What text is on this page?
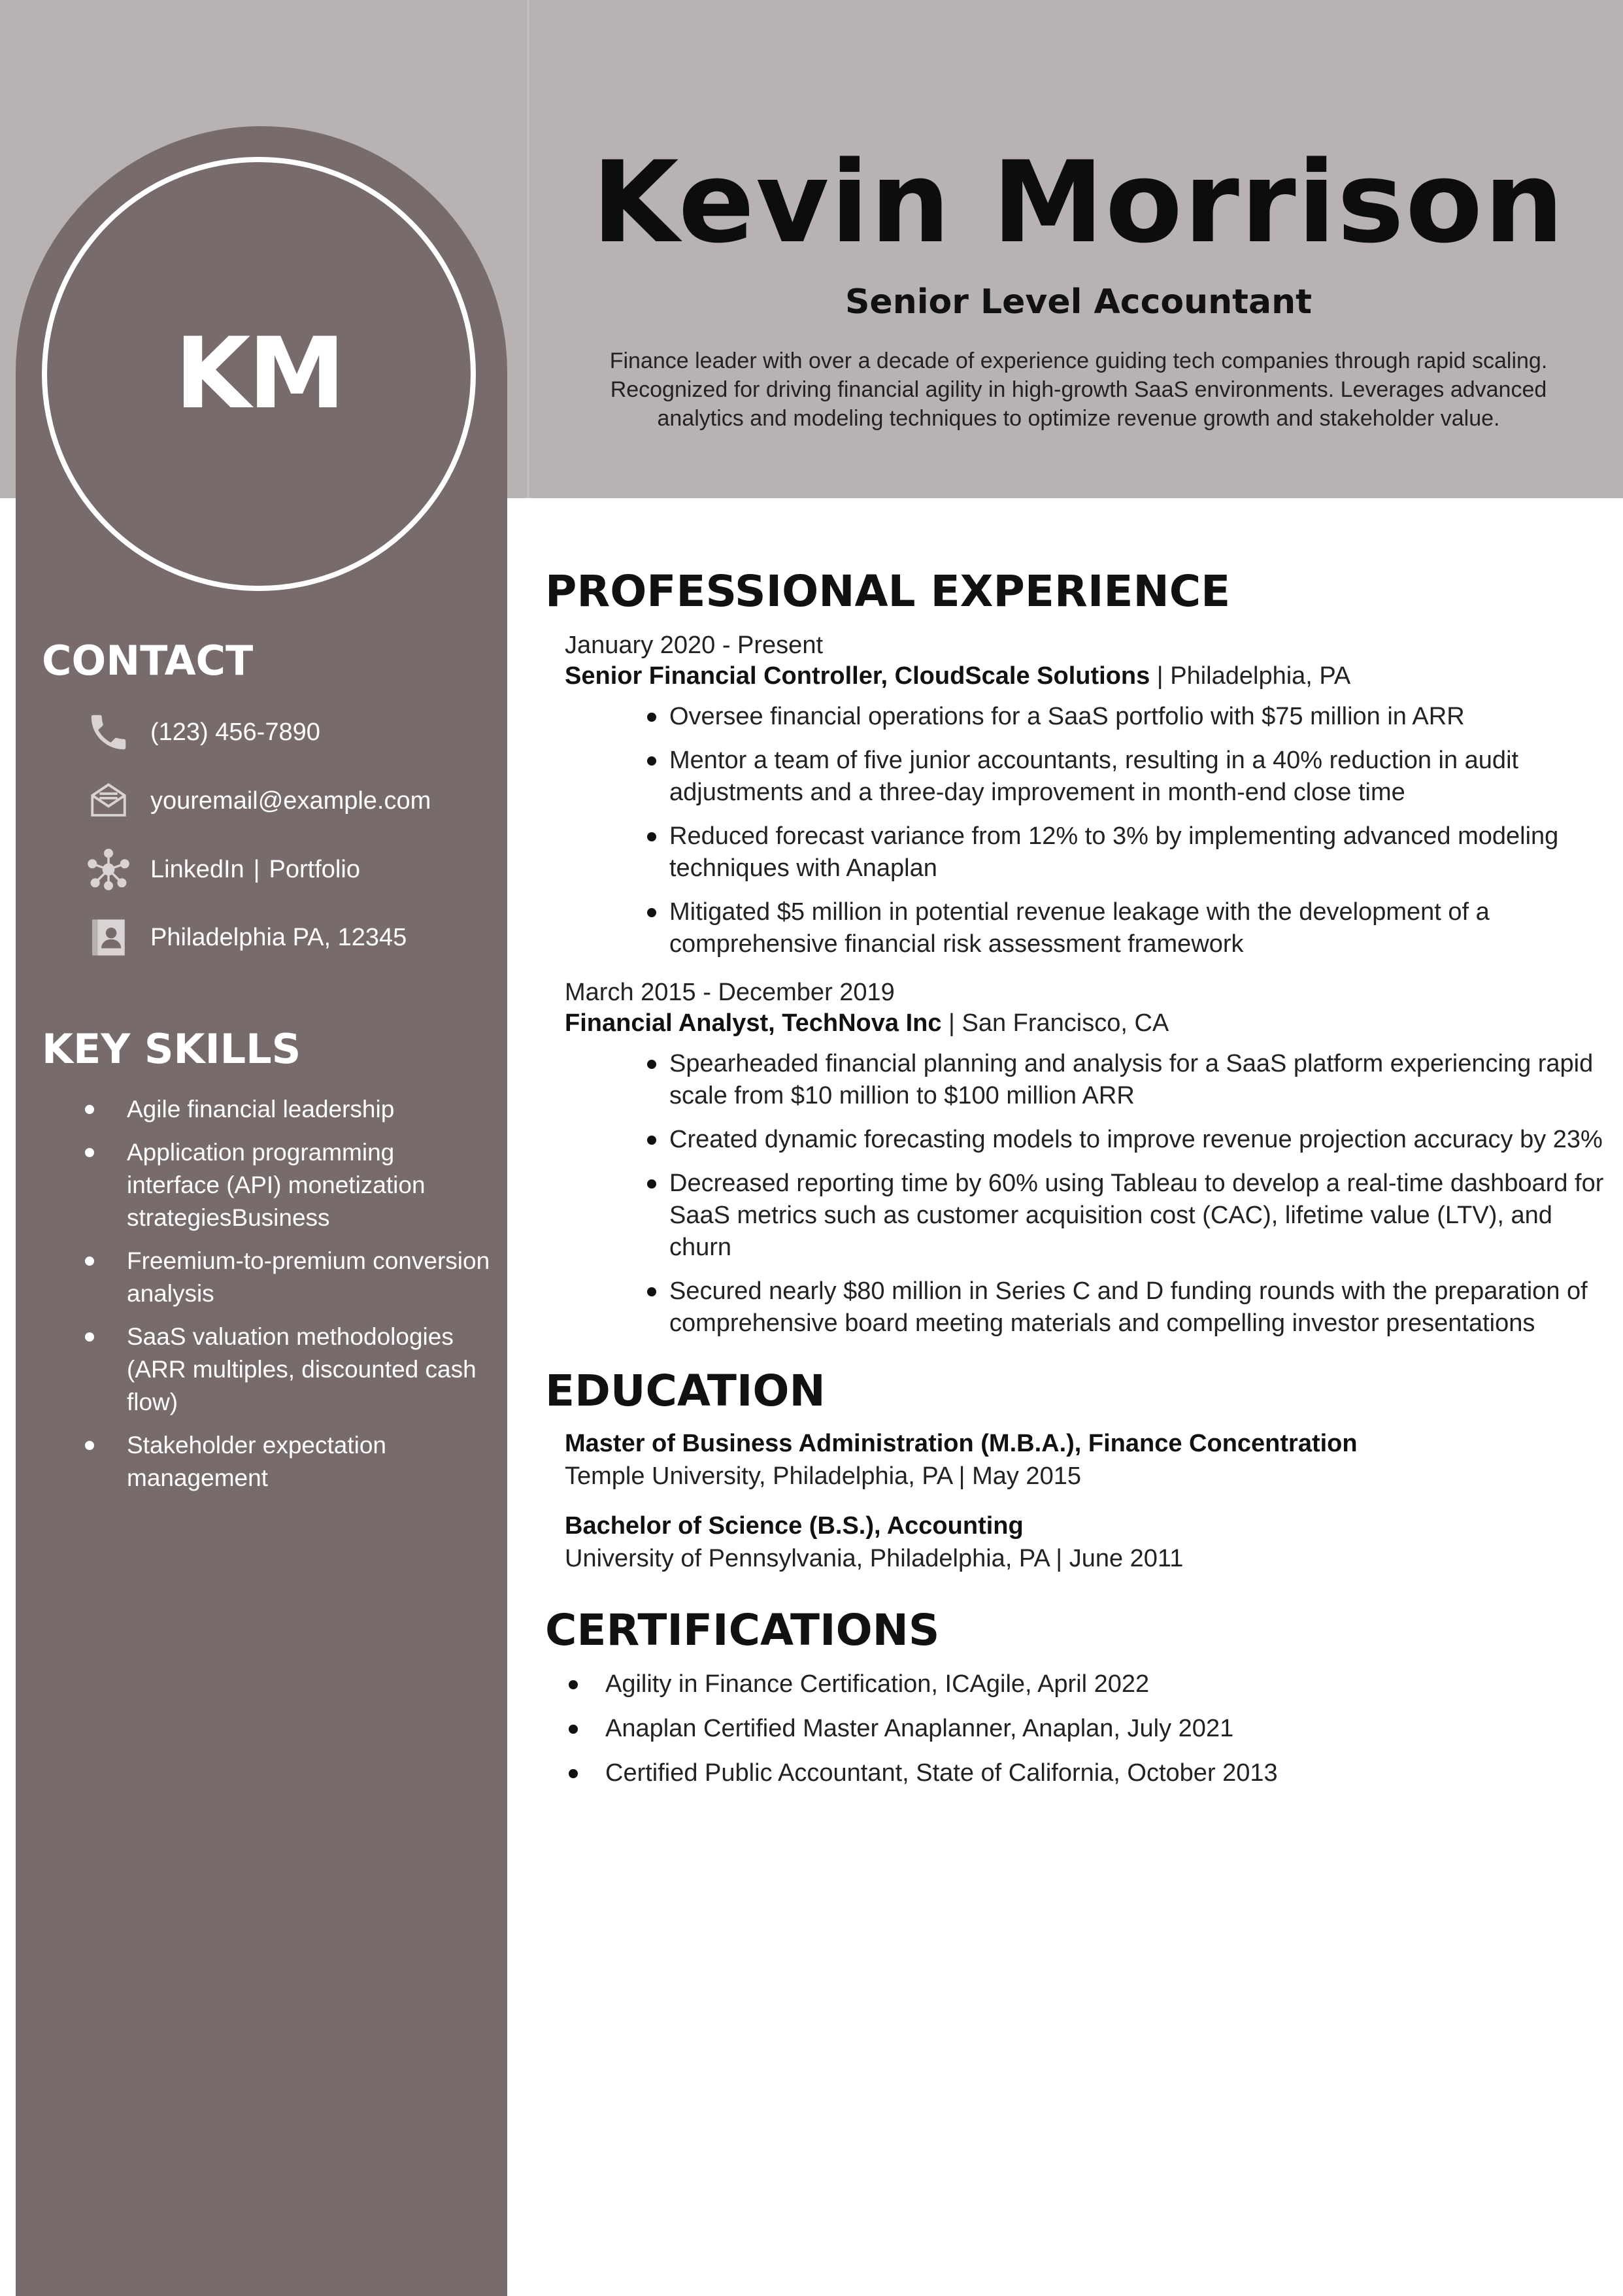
KM
CONTACT
(123) 456-7890
youremail@example.com
LinkedIn | Portfolio
Philadelphia PA, 12345
KEY SKILLS
Agile financial leadership
Application programming interface (API) monetization strategiesBusiness
Freemium-to-premium conversion analysis
SaaS valuation methodologies (ARR multiples, discounted cash flow)
Stakeholder expectation management
Kevin Morrison
Senior Level Accountant

Finance leader with over a decade of experience guiding tech companies through rapid scaling. Recognized for driving financial agility in high-growth SaaS environments. Leverages advanced analytics and modeling techniques to optimize revenue growth and stakeholder value.

PROFESSIONAL EXPERIENCE
January 2020 - Present
Senior Financial Controller, CloudScale Solutions | Philadelphia, PA
Oversee financial operations for a SaaS portfolio with $75 million in ARR
Mentor a team of five junior accountants, resulting in a 40% reduction in audit adjustments and a three-day improvement in month-end close time
Reduced forecast variance from 12% to 3% by implementing advanced modeling techniques with Anaplan
Mitigated $5 million in potential revenue leakage with the development of a comprehensive financial risk assessment framework
March 2015 - December 2019
Financial Analyst, TechNova Inc | San Francisco, CA
Spearheaded financial planning and analysis for a SaaS platform experiencing rapid scale from $10 million to $100 million ARR
Created dynamic forecasting models to improve revenue projection accuracy by 23%
Decreased reporting time by 60% using Tableau to develop a real-time dashboard for SaaS metrics such as customer acquisition cost (CAC), lifetime value (LTV), and churn
Secured nearly $80 million in Series C and D funding rounds with the preparation of comprehensive board meeting materials and compelling investor presentations
EDUCATION
Master of Business Administration (M.B.A.), Finance Concentration
Temple University, Philadelphia, PA | May 2015
Bachelor of Science (B.S.), Accounting
University of Pennsylvania, Philadelphia, PA | June 2011
CERTIFICATIONS
Agility in Finance Certification, ICAgile, April 2022
Anaplan Certified Master Anaplanner, Anaplan, July 2021
Certified Public Accountant, State of California, October 2013
